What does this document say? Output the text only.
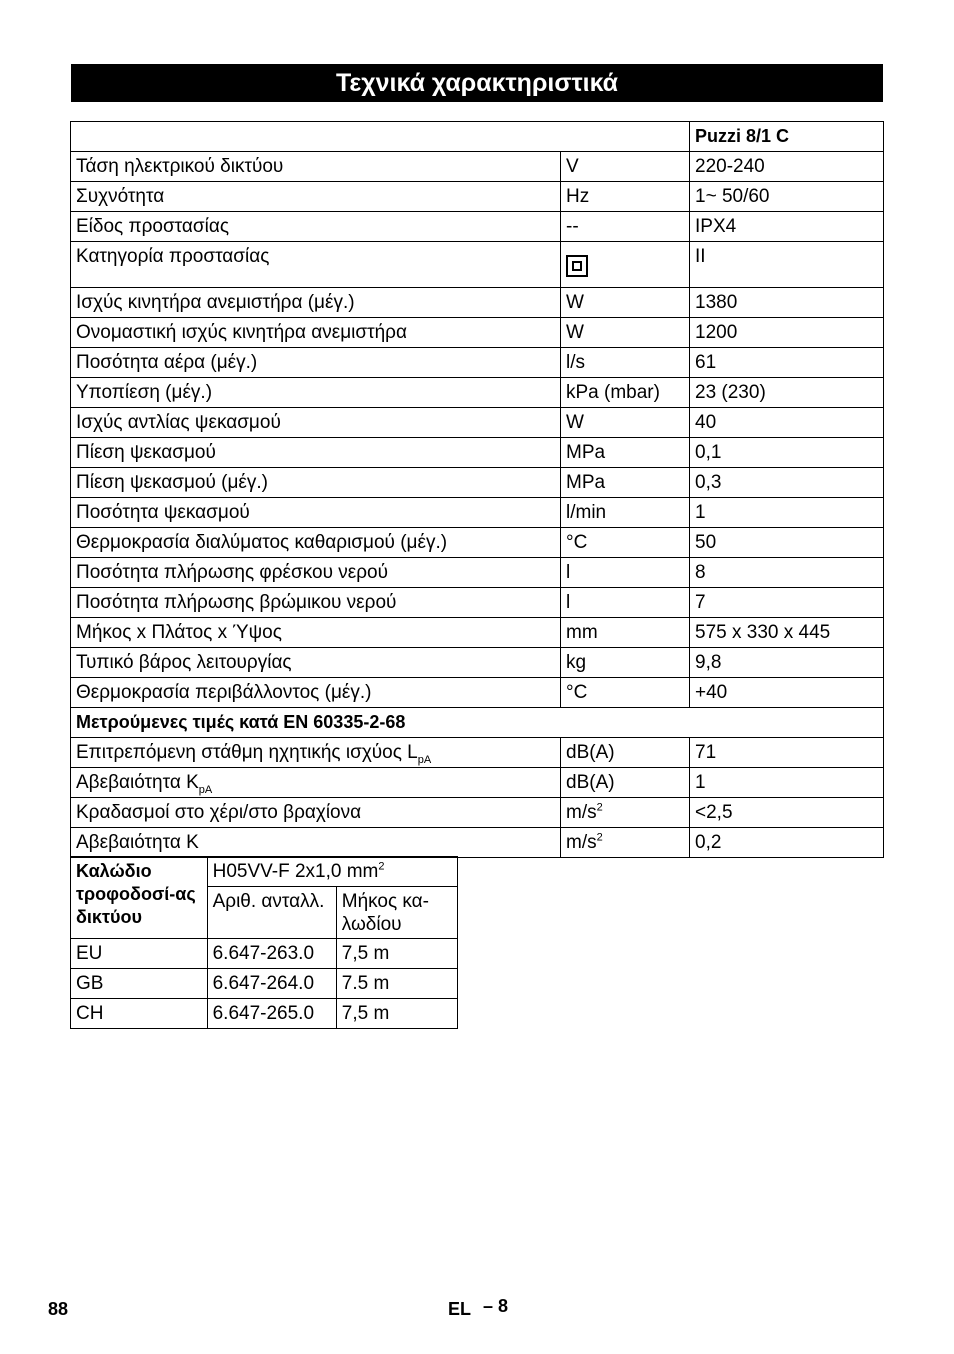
Τεχνικά χαρακτηριστικά
		Puzzi 8/1 C
Τάση ηλεκτρικού δικτύου	V	220-240
Συχνότητα	Hz	1~ 50/60
Είδος προστασίας	--	IPX4
Κατηγορία προστασίας		II
Ισχύς κινητήρα ανεμιστήρα (μέγ.)	W	1380
Ονομαστική ισχύς κινητήρα ανεμιστήρα	W	1200
Ποσότητα αέρα (μέγ.)	l/s	61
Υποπίεση (μέγ.)	kPa (mbar)	23 (230)
Ισχύς αντλίας ψεκασμού	W	40
Πίεση ψεκασμού	MPa	0,1
Πίεση ψεκασμού (μέγ.)	MPa	0,3
Ποσότητα ψεκασμού	l/min	1
Θερμοκρασία διαλύματος καθαρισμού (μέγ.)	°C	50
Ποσότητα πλήρωσης φρέσκου νερού	l	8
Ποσότητα πλήρωσης βρώμικου νερού	l	7
Μήκος x Πλάτος x Ύψος	mm	575 x 330 x 445
Τυπικό βάρος λειτουργίας	kg	9,8
Θερμοκρασία περιβάλλοντος (μέγ.)	°C	+40
Μετρούμενες τιμές κατά EN 60335-2-68		
Επιτρεπόμενη στάθμη ηχητικής ισχύος $L_{pA}$	dB(A)	71
Αβεβαιότητα $K_{pA}$	dB(A)	1
Κραδασμοί στο χέρι/στο βραχίονα	$m/s^2$	<2,5
Αβεβαιότητα K	$m/s^2$	0,2
Καλώδιο τροφοδοσί-ας δικτύου	H05VV-F 2x1,0 $mm^2$
	Αριθ. ανταλλ.	Μήκος κα-λωδίου
EU	6.647-263.0	7,5 m
GB	6.647-264.0	7.5 m
CH	6.647-265.0	7,5 m
88	EL – 8
